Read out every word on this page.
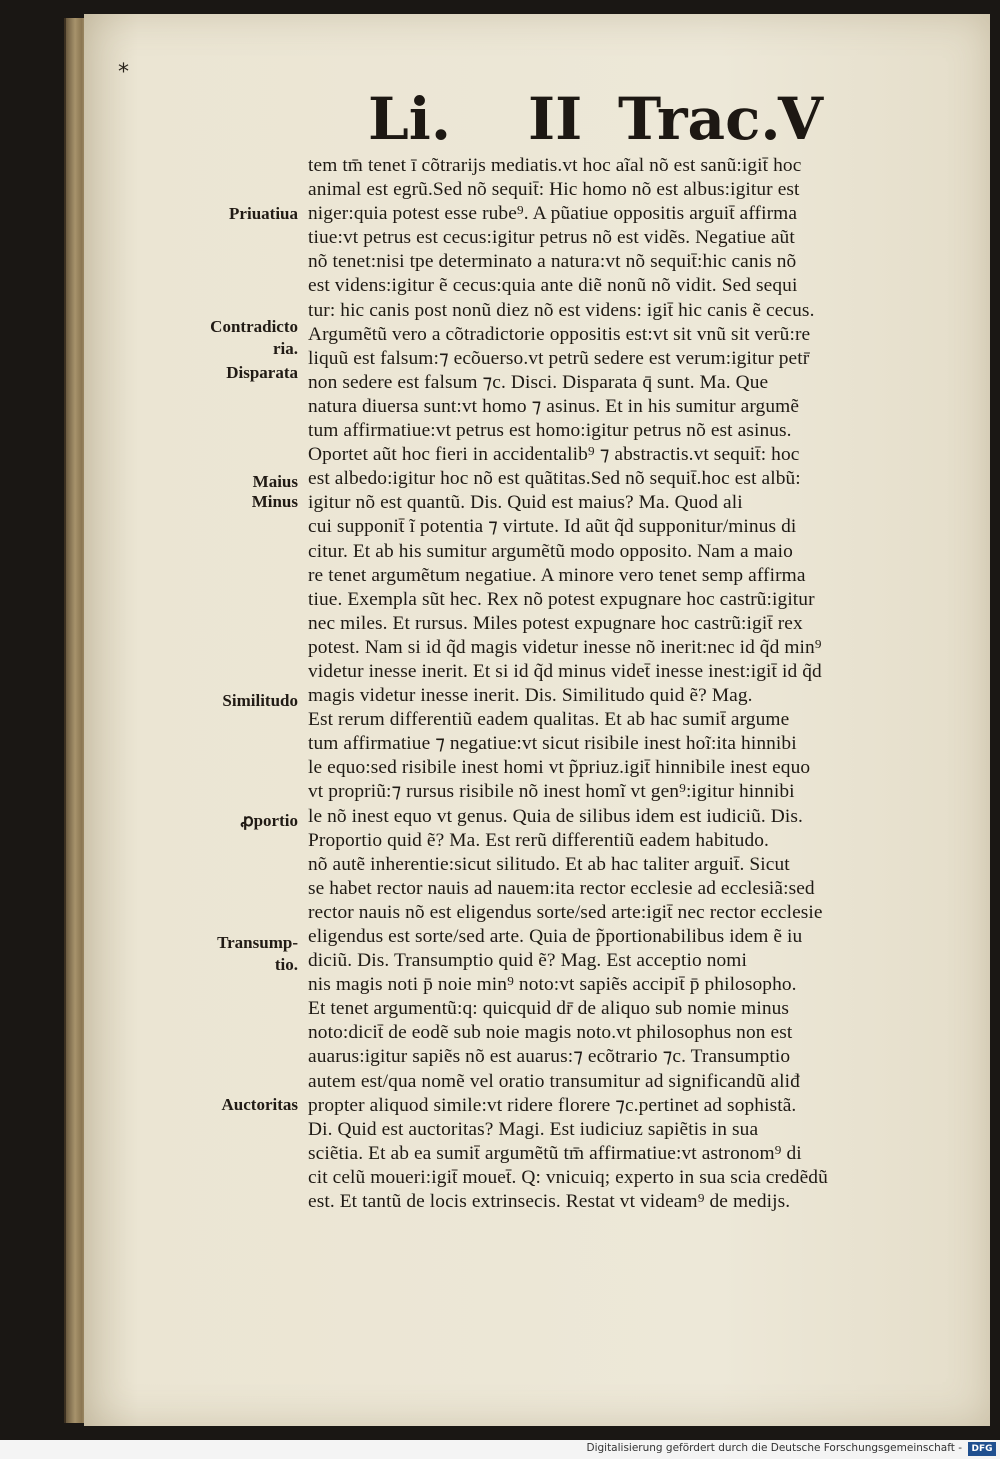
*
Li. II Trac.
V
tem tm̄ tenet ī cõtrarijs mediatis.vt hoc aĩal nõ est sanũ:igit̄ hoc
animal est egrũ.Sed nõ sequit̄: Hic homo nõ est albus:igitur est
niger:quia potest esse rube⁹. A pũatiue oppositis arguit̄ affirma
tiue:vt petrus est cecus:igitur petrus nõ est vidẽs. Negatiue aũt
nõ tenet:nisi tpe determinato a natura:vt nõ sequit̄:hic canis nõ
est videns:igitur ẽ cecus:quia ante diẽ nonũ nõ vidit. Sed sequi
tur: hic canis post nonũ diez nõ est videns: igit̄ hic canis ẽ cecus.
Argumẽtũ vero a cõtradictorie oppositis est:vt sit vnũ sit verũ:re
liquũ est falsum:⁊ ecõuerso.vt petrũ sedere est verum:igitur petr̄
non sedere est falsum ⁊c. Disci. Disparata q̄ sunt. Ma. Que
natura diuersa sunt:vt homo ⁊ asinus. Et in his sumitur argumẽ
tum affirmatiue:vt petrus est homo:igitur petrus nõ est asinus.
Oportet aũt hoc fieri in accidentalib⁹ ⁊ abstractis.vt sequit̄: hoc
est albedo:igitur hoc nõ est quãtitas.Sed nõ sequit̄.hoc est albũ:
igitur nõ est quantũ. Dis. Quid est maius? Ma. Quod ali
cui supponit̄ ĩ potentia ⁊ virtute. Id aũt q̃d supponitur/minus di
citur. Et ab his sumitur argumẽtũ modo opposito. Nam a maio
re tenet argumẽtum negatiue. A minore vero tenet semp affirma
tiue. Exempla sũt hec. Rex nõ potest expugnare hoc castrũ:igitur
nec miles. Et rursus. Miles potest expugnare hoc castrũ:igit̄ rex
potest. Nam si id q̃d magis videtur inesse nõ inerit:nec id q̃d min⁹
videtur inesse inerit. Et si id q̃d minus videt̄ inesse inest:igit̄ id q̃d
magis videtur inesse inerit. Dis. Similitudo quid ẽ? Mag.
Est rerum differentiũ eadem qualitas. Et ab hac sumit̄ argume
tum affirmatiue ⁊ negatiue:vt sicut risibile inest hoĩ:ita hinnibi
le equo:sed risibile inest homi vt p̃priuz.igit̄ hinnibile inest equo
vt propriũ:⁊ rursus risibile nõ inest homĩ vt gen⁹:igitur hinnibi
le nõ inest equo vt genus. Quia de silibus idem est iudiciũ. Dis.
Proportio quid ẽ? Ma. Est rerũ differentiũ eadem habitudo.
nõ autẽ inherentie:sicut silitudo. Et ab hac taliter arguit̄. Sicut
se habet rector nauis ad nauem:ita rector ecclesie ad ecclesiã:sed
rector nauis nõ est eligendus sorte/sed arte:igit̄ nec rector ecclesie
eligendus est sorte/sed arte. Quia de p̃portionabilibus idem ẽ iu
diciũ. Dis. Transumptio quid ẽ? Mag. Est acceptio nomi
nis magis noti p̄ noie min⁹ noto:vt sapiẽs accipit̄ p̄ philosopho.
Et tenet argumentũ:q: quicquid dr̄ de aliquo sub nomie minus
noto:dicit̄ de eodẽ sub noie magis noto.vt philosophus non est
auarus:igitur sapiẽs nõ est auarus:⁊ ecõtrario ⁊c. Transumptio
autem est/qua nomẽ vel oratio transumitur ad significandũ aliđ
propter aliquod simile:vt ridere florere ⁊c.pertinet ad sophistã.
Di. Quid est auctoritas? Magi. Est iudiciuz sapiẽtis in sua
sciẽtia. Et ab ea sumit̄ argumẽtũ tm̄ affirmatiue:vt astronom⁹ di
cit celũ moueri:igit̄ mouet̄. Q: vnicuiq; experto in sua scia credẽdũ
est. Et tantũ de locis extrinsecis. Restat vt videam⁹ de medijs.
Priuatiua
Contradicto
ria.
Disparata
Maius
Minus
Similitudo
ꝓportio
Transump-
tio.
Auctoritas
Digitalisierung gefördert durch die Deutsche Forschungsgemeinschaft -	DFG
